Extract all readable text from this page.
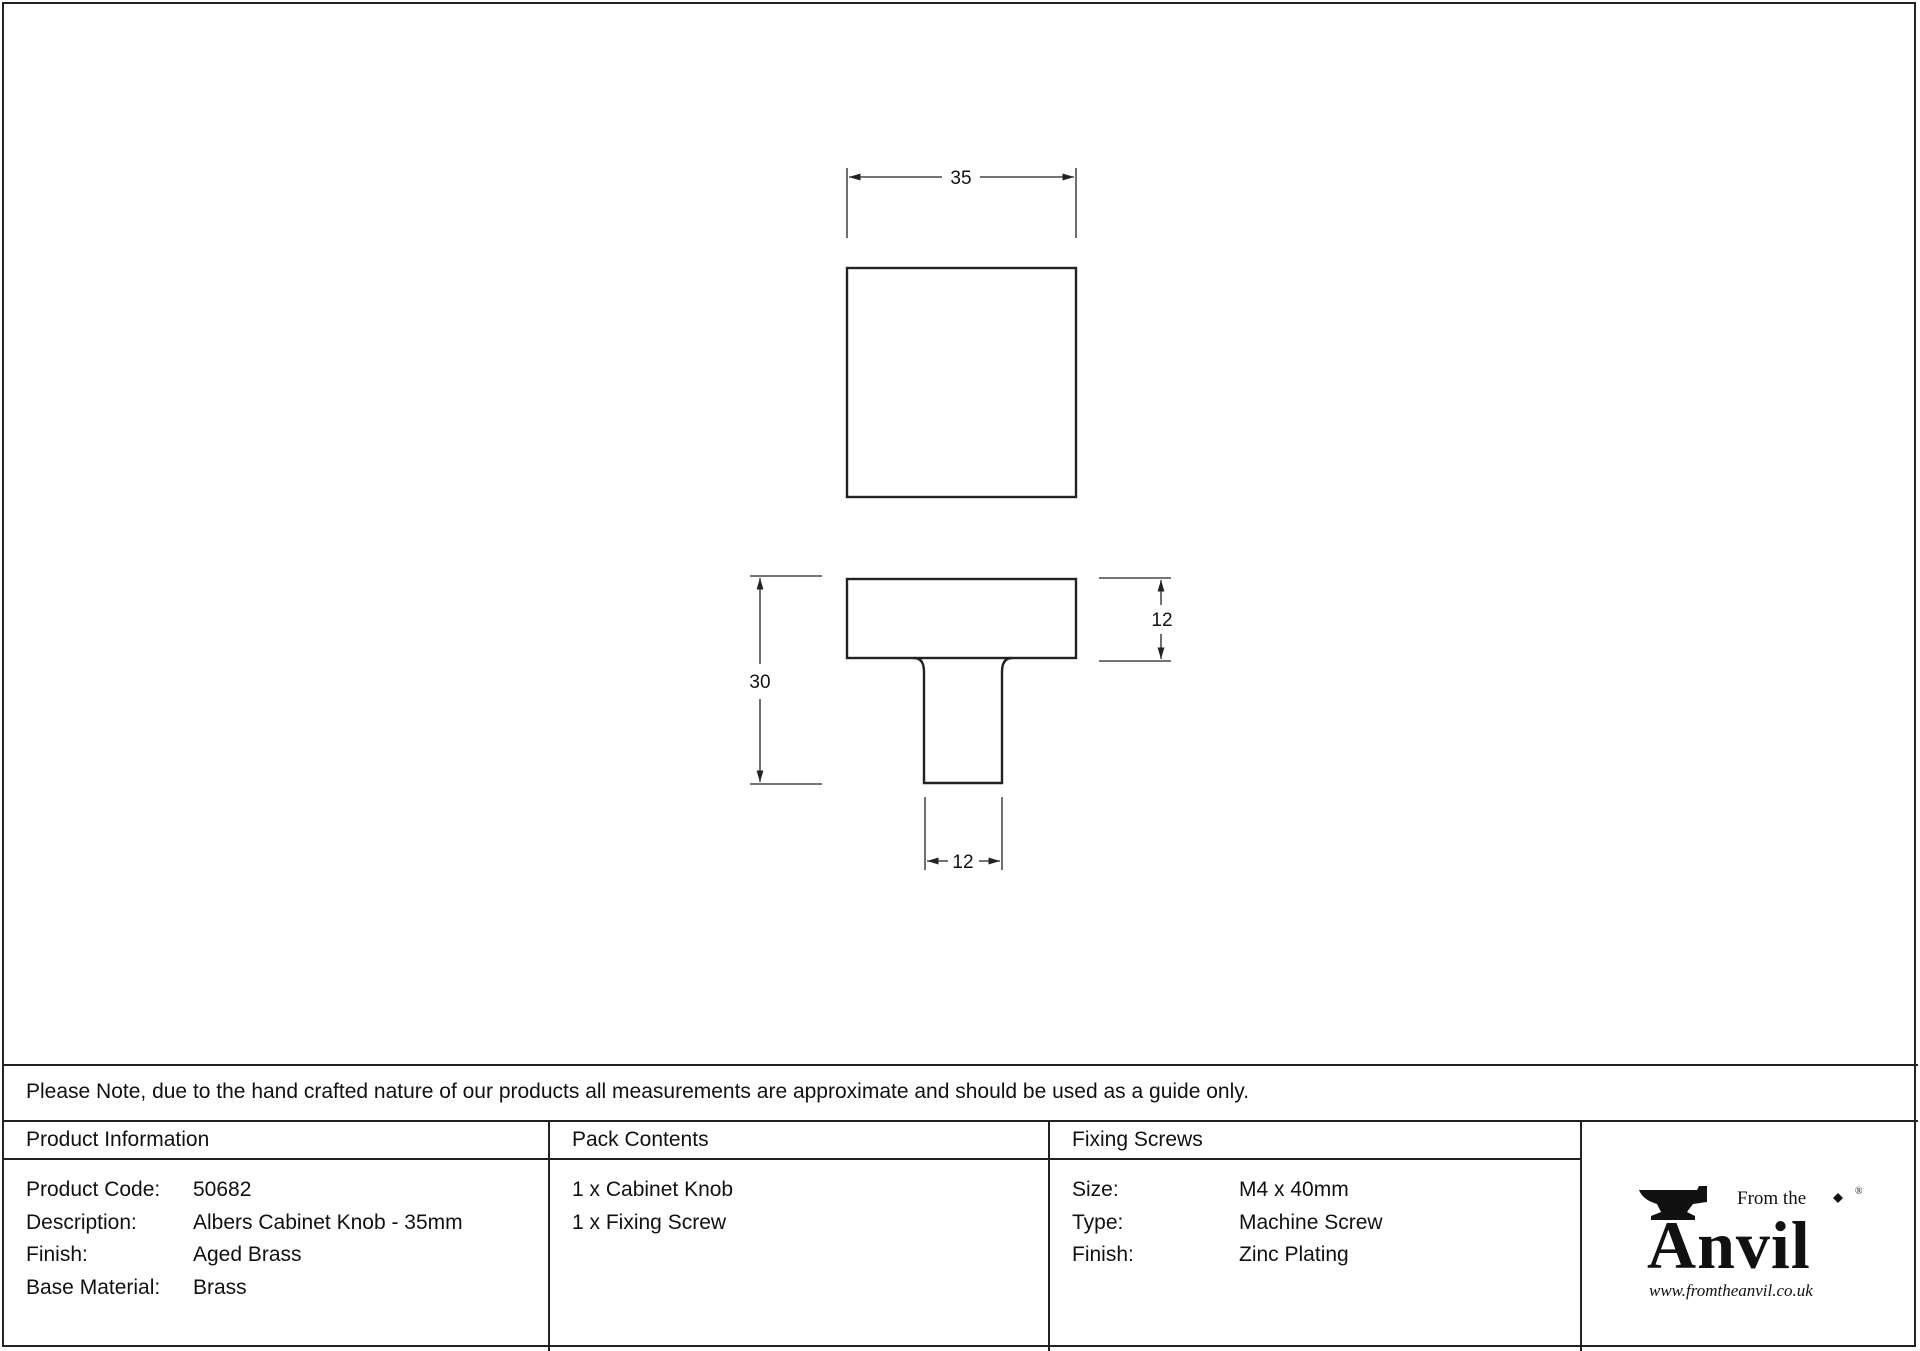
35
30
12
12
Please Note, due to the hand crafted nature of our products all measurements are approximate and should be used as a guide only.
Product Information
Product Code:	50682
Description:	Albers Cabinet Knob - 35mm
Finish:	Aged Brass
Base Material:	Brass
Pack Contents
1 x Cabinet Knob
1 x Fixing Screw
Fixing Screws
Size:	M4 x 40mm
Type:	Machine Screw
Finish:	Zinc Plating
From the	®
Anvil
www.fromtheanvil.co.uk
